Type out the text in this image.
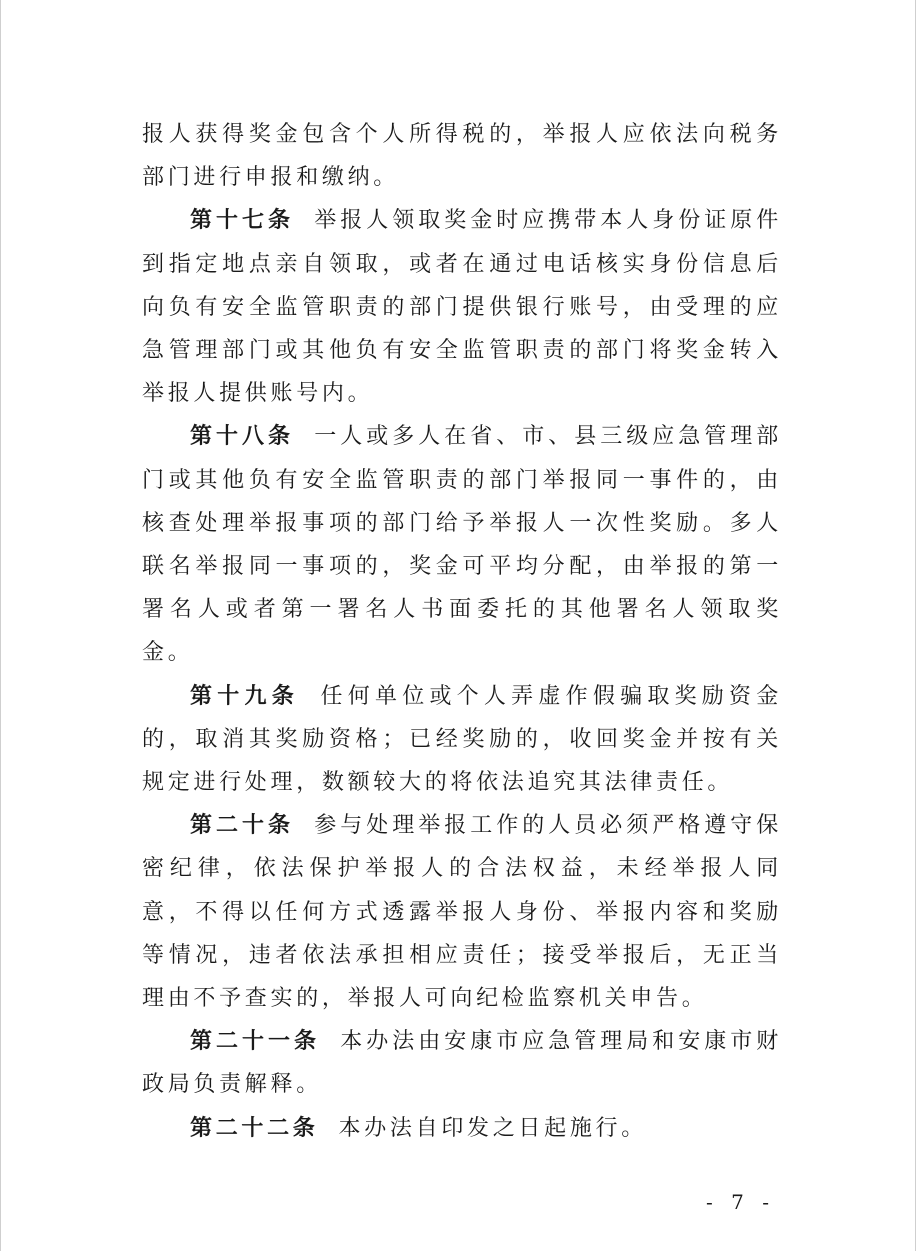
报人获得奖金包含个人所得税的，举报人应依法向税务部门进行申报和缴纳。

第十七条 举报人领取奖金时应携带本人身份证原件到指定地点亲自领取，或者在通过电话核实身份信息后向负有安全监管职责的部门提供银行账号，由受理的应急管理部门或其他负有安全监管职责的部门将奖金转入举报人提供账号内。

第十八条 一人或多人在省、市、县三级应急管理部门或其他负有安全监管职责的部门举报同一事件的，由核查处理举报事项的部门给予举报人一次性奖励。多人联名举报同一事项的，奖金可平均分配，由举报的第一署名人或者第一署名人书面委托的其他署名人领取奖金。

第十九条 任何单位或个人弄虚作假骗取奖励资金的，取消其奖励资格；已经奖励的，收回奖金并按有关规定进行处理，数额较大的将依法追究其法律责任。

第二十条 参与处理举报工作的人员必须严格遵守保密纪律，依法保护举报人的合法权益，未经举报人同意，不得以任何方式透露举报人身份、举报内容和奖励等情况，违者依法承担相应责任；接受举报后，无正当理由不予查实的，举报人可向纪检监察机关申告。

第二十一条 本办法由安康市应急管理局和安康市财政局负责解释。

第二十二条 本办法自印发之日起施行。

- 7 -
